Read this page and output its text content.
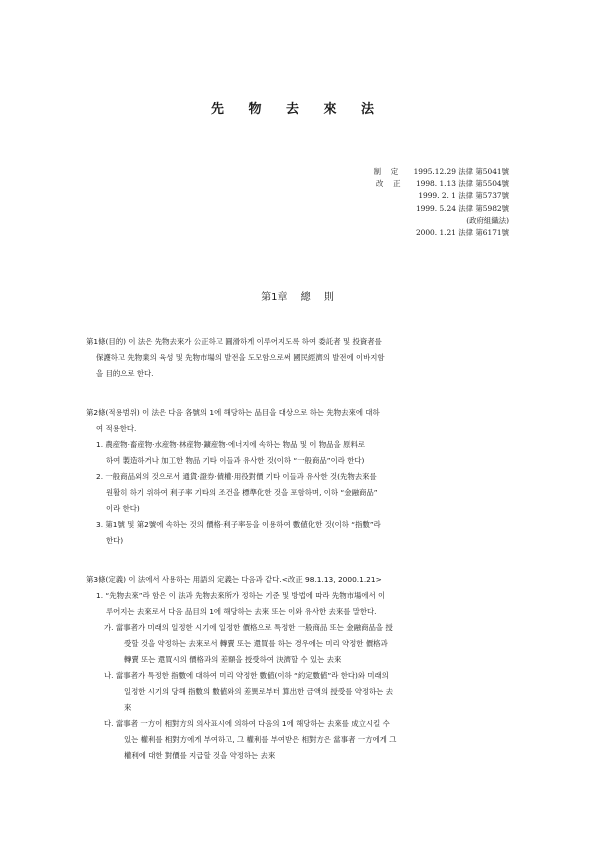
先 物 去 來 法
制　 定	1995.12.29 法律 第5041號
改　 正	1998. 1.13 法律 第5504號
1999. 2. 1 法律 第5737號
1999. 5.24 法律 第5982號
(政府組織法)
2000. 1.21 法律 第6171號
第1章 總 則
第1條(目的) 이 法은 先物去來가 公正하고 圓滑하게 이루어지도록 하여 委託者 및 投資者를
保護하고 先物業의 육성 및 先物市場의 발전을 도모함으로써 國民經濟의 발전에 이바지함
을 目的으로 한다.
第2條(적용범위) 이 法은 다음 各號의 1에 해당하는 品目을 대상으로 하는 先物去來에 대하
여 적용한다.
1. 農産物·畜産物·水産物·林産物·鑛産物·에너지에 속하는 物品 및 이 物品을 原料로
하여 製造하거나 加工한 物品 기타 이들과 유사한 것(이하 “一般商品”이라 한다)
2. 一般商品외의 것으로서 通貨·證券·債權·用役對價 기타 이들과 유사한 것(先物去來를
원활히 하기 위하여 利子率 기타의 조건을 標準化한 것을 포함하며, 이하 “金融商品”
이라 한다)
3. 第1號 및 第2號에 속하는 것의 價格·利子率등을 이용하여 數値化한 것(이하 “指數”라
한다)
第3條(定義) 이 法에서 사용하는 用語의 定義는 다음과 같다.<改正 98.1.13, 2000.1.21>
1. “先物去來”라 함은 이 法과 先物去來所가 정하는 기준 및 방법에 따라 先物市場에서 이
루어지는 去來로서 다음 品目의 1에 해당하는 去來 또는 이와 유사한 去來를 말한다.
가. 當事者가 미래의 일정한 시기에 일정한 價格으로 특정한 一般商品 또는 金融商品을 授
受할 것을 약정하는 去來로서 轉賣 또는 還買를 하는 경우에는 미리 약정한 價格과
轉賣 또는 還買시의 價格과의 差額을 授受하여 決濟할 수 있는 去來
나. 當事者가 특정한 指數에 대하여 미리 약정한 數値(이하 “約定數値”라 한다)와 미래의
일정한 시기의 당해 指數의 數値와의 差異로부터 算出한 금액의 授受를 약정하는 去
來
다. 當事者 一方이 相對方의 의사표시에 의하여 다음의 1에 해당하는 去來를 成立시킬 수
있는 權利를 相對方에게 부여하고, 그 權利를 부여받은 相對方은 當事者 一方에게 그
權利에 대한 對價를 지급할 것을 약정하는 去來
